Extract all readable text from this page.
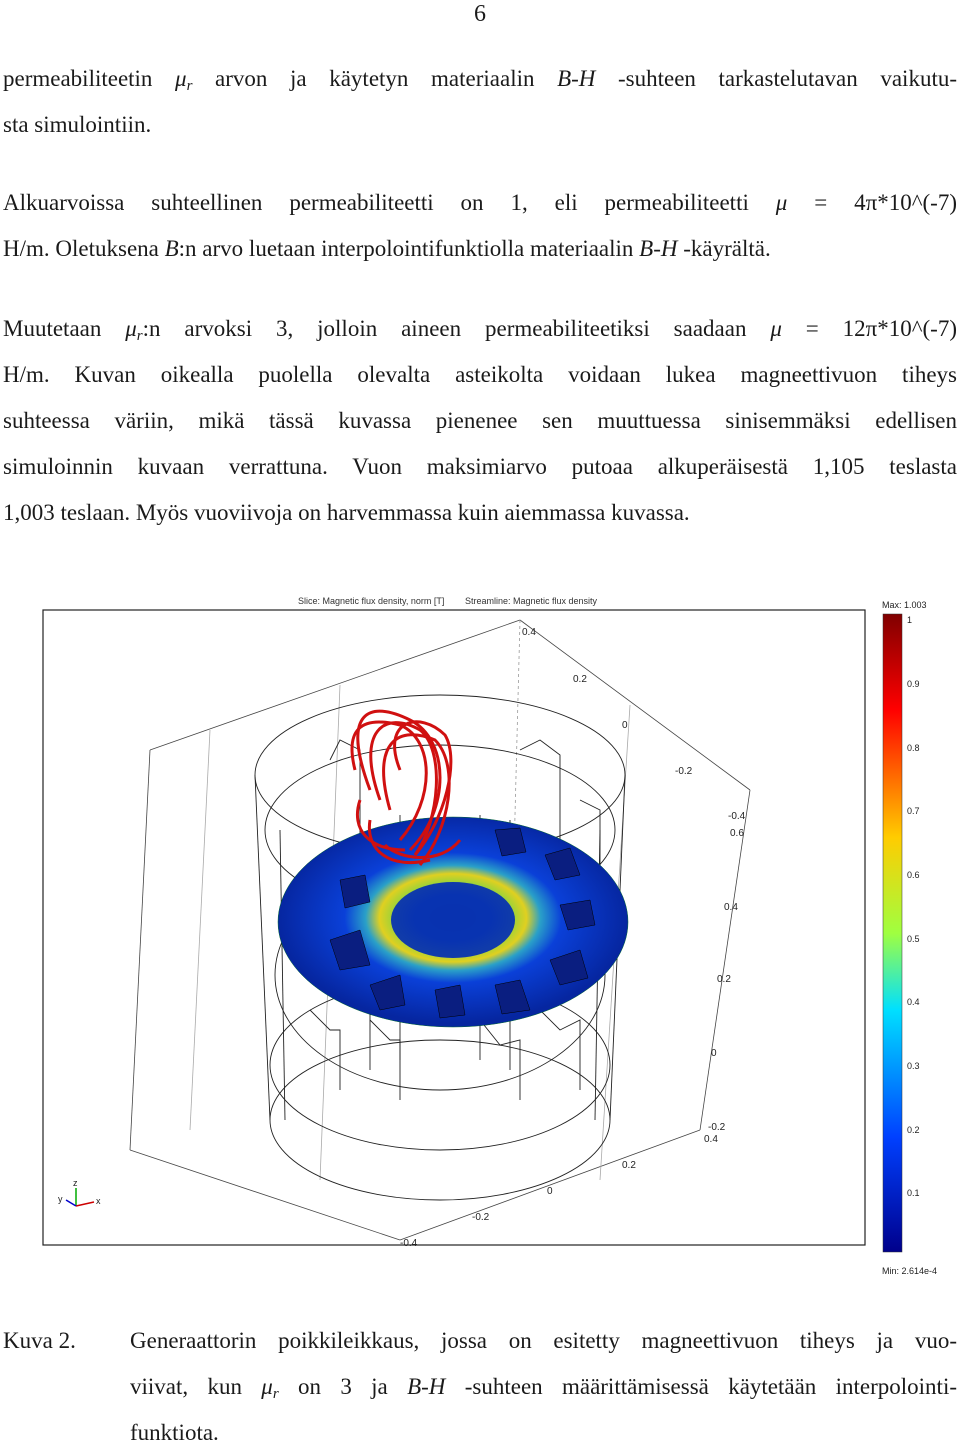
6

permeabiliteetin $\mu_r$ arvon ja käytetyn materiaalin B-H -suhteen tarkastelutavan vaikutu-
sta simulointiin.

Alkuarvoissa suhteellinen permeabiliteetti on 1, eli permeabiliteetti μ = 4π*10^(-7)
H/m. Oletuksena B:n arvo luetaan interpolointifunktiolla materiaalin B-H -käyrältä.

Muutetaan $\mu_r:n$ arvoksi 3, jolloin aineen permeabiliteetiksi saadaan μ = 12π*10^(-7)
H/m. Kuvan oikealla puolella olevalta asteikolta voidaan lukea magneettivuon tiheys
suhteessa väriin, mikä tässä kuvassa pienenee sen muuttuessa sinisemmäksi edellisen
simuloinnin kuvaan verrattuna. Vuon maksimiarvo putoaa alkuperäisestä 1,105 teslasta
1,003 teslaan. Myös vuoviivoja on harvemmassa kuin aiemmassa kuvassa.

Slice: Magnetic flux density, norm [T] Streamline: Magnetic flux density
0.4
0.2
0
-0.2
-0.4
0.6
0.4
0.2
0
-0.2
0.4
0.2
0
-0.2
-0.4
y
z
x
Max: 1.003
1
0.9
0.8
0.7
0.6
0.5
0.4
0.3
0.2
0.1
Min: 2.614e-4
Kuva 2. Generaattorin poikkileikkaus, jossa on esitetty magneettivuon tiheys ja vuo-
viivat, kun $\mu_r$ on 3 ja B-H -suhteen määrittämisessä käytetään interpolointi-
funktiota.
